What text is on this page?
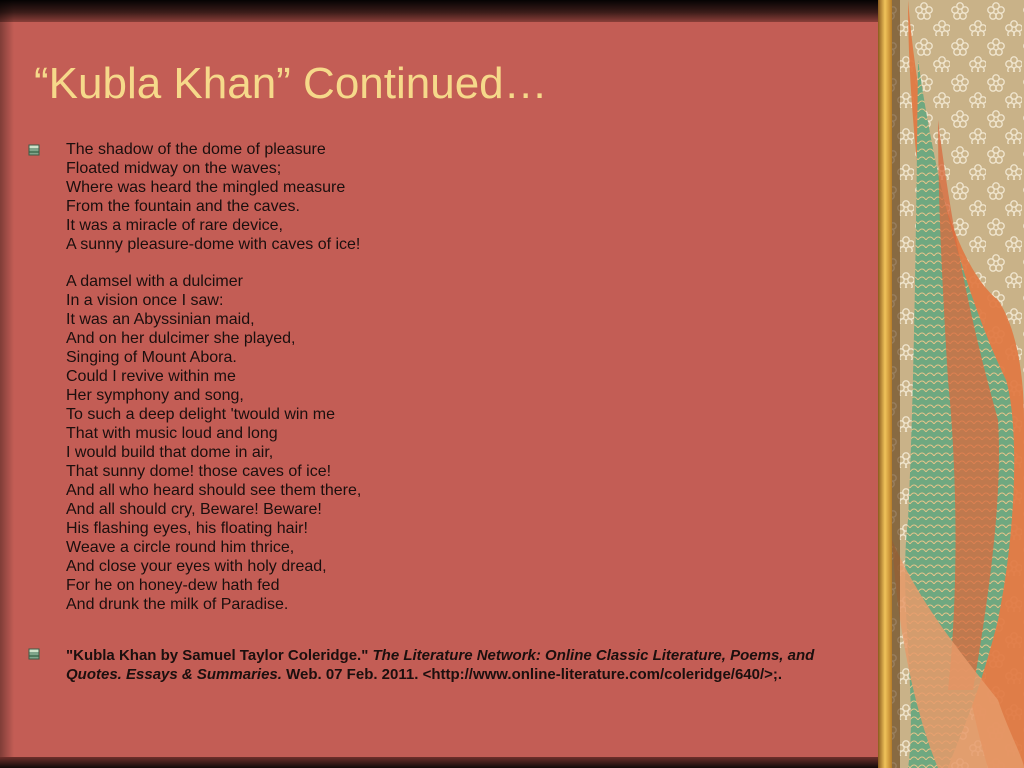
“Kubla Khan” Continued…
The shadow of the dome of pleasure
Floated midway on the waves;
Where was heard the mingled measure
From the fountain and the caves.
It was a miracle of rare device,
A sunny pleasure-dome with caves of ice!
A damsel with a dulcimer
In a vision once I saw:
It was an Abyssinian maid,
And on her dulcimer she played,
Singing of Mount Abora.
Could I revive within me
Her symphony and song,
To such a deep delight 'twould win me
That with music loud and long
I would build that dome in air,
That sunny dome! those caves of ice!
And all who heard should see them there,
And all should cry, Beware! Beware!
His flashing eyes, his floating hair!
Weave a circle round him thrice,
And close your eyes with holy dread,
For he on honey-dew hath fed
And drunk the milk of Paradise.
"Kubla Khan by Samuel Taylor Coleridge." The Literature Network: Online Classic Literature, Poems, and Quotes. Essays & Summaries. Web. 07 Feb. 2011. <http://www.online-literature.com/coleridge/640/>;.
